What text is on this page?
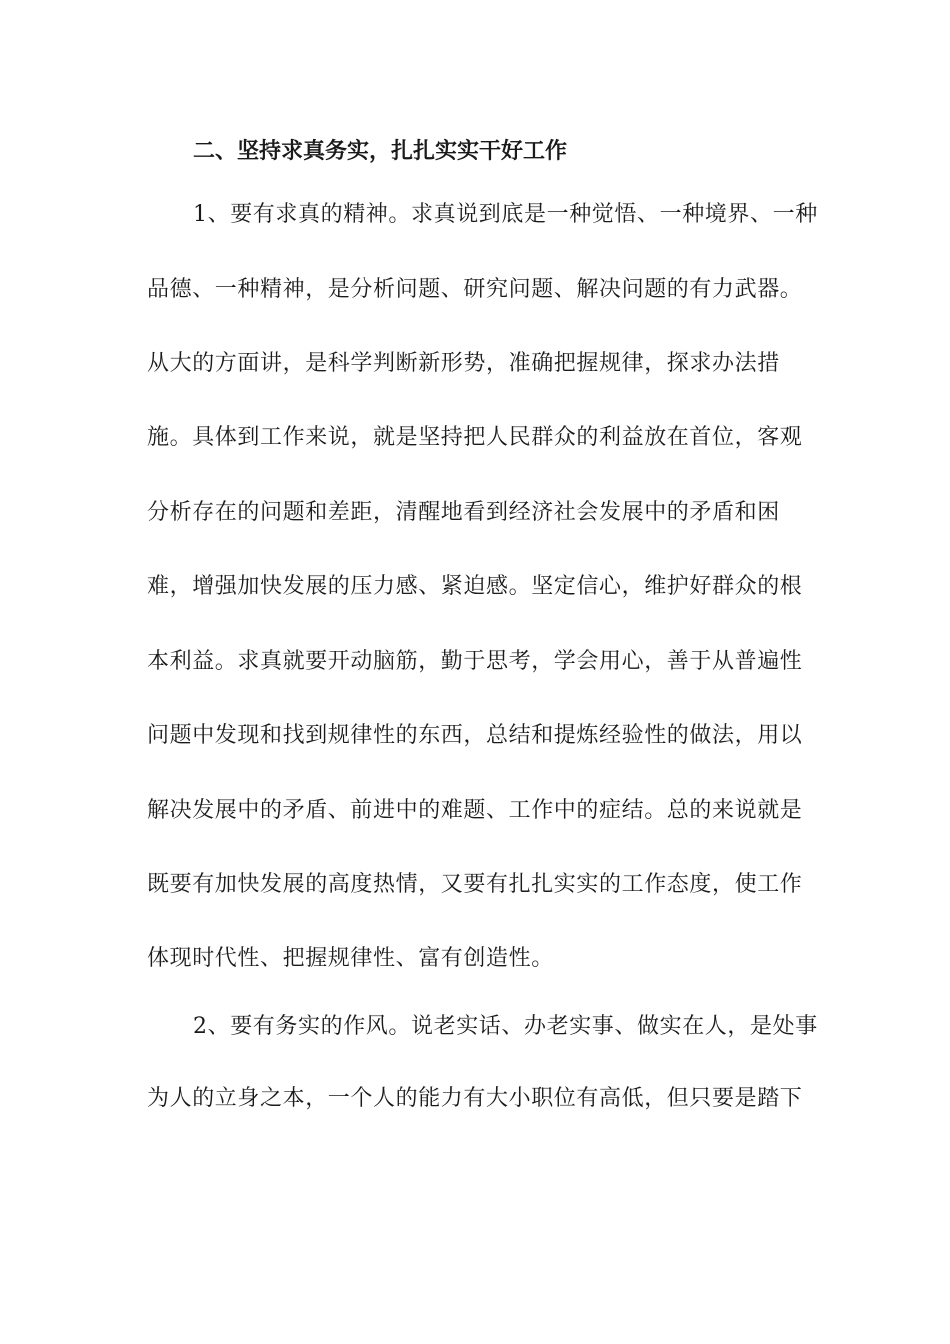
二、坚持求真务实，扎扎实实干好工作
1、要有求真的精神。求真说到底是一种觉悟、一种境界、一种
品德、一种精神，是分析问题、研究问题、解决问题的有力武器。
从大的方面讲，是科学判断新形势，准确把握规律，探求办法措
施。具体到工作来说，就是坚持把人民群众的利益放在首位，客观
分析存在的问题和差距，清醒地看到经济社会发展中的矛盾和困
难，增强加快发展的压力感、紧迫感。坚定信心，维护好群众的根
本利益。求真就要开动脑筋，勤于思考，学会用心，善于从普遍性
问题中发现和找到规律性的东西，总结和提炼经验性的做法，用以
解决发展中的矛盾、前进中的难题、工作中的症结。总的来说就是
既要有加快发展的高度热情，又要有扎扎实实的工作态度，使工作
体现时代性、把握规律性、富有创造性。
2、要有务实的作风。说老实话、办老实事、做实在人，是处事
为人的立身之本，一个人的能力有大小职位有高低，但只要是踏下
